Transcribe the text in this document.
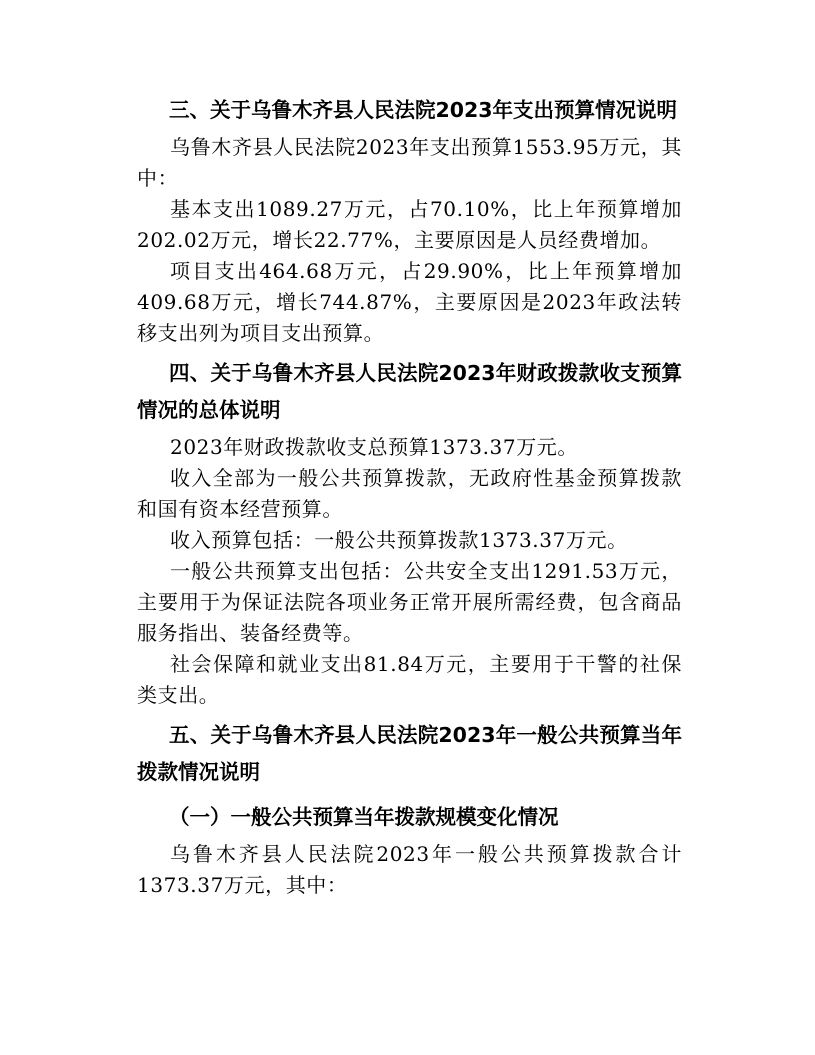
三、关于乌鲁木齐县人民法院2023年支出预算情况说明

乌鲁木齐县人民法院2023年支出预算1553.95万元，其中：

基本支出1089.27万元，占70.10%，比上年预算增加202.02万元，增长22.77%，主要原因是人员经费增加。

项目支出464.68万元，占29.90%，比上年预算增加409.68万元，增长744.87%，主要原因是2023年政法转移支出列为项目支出预算。

四、关于乌鲁木齐县人民法院2023年财政拨款收支预算情况的总体说明

2023年财政拨款收支总预算1373.37万元。

收入全部为一般公共预算拨款，无政府性基金预算拨款和国有资本经营预算。

收入预算包括：一般公共预算拨款1373.37万元。

一般公共预算支出包括：公共安全支出1291.53万元，主要用于为保证法院各项业务正常开展所需经费，包含商品服务指出、装备经费等。

社会保障和就业支出81.84万元，主要用于干警的社保类支出。

五、关于乌鲁木齐县人民法院2023年一般公共预算当年拨款情况说明

（一）一般公共预算当年拨款规模变化情况

乌鲁木齐县人民法院2023年一般公共预算拨款合计1373.37万元，其中：
